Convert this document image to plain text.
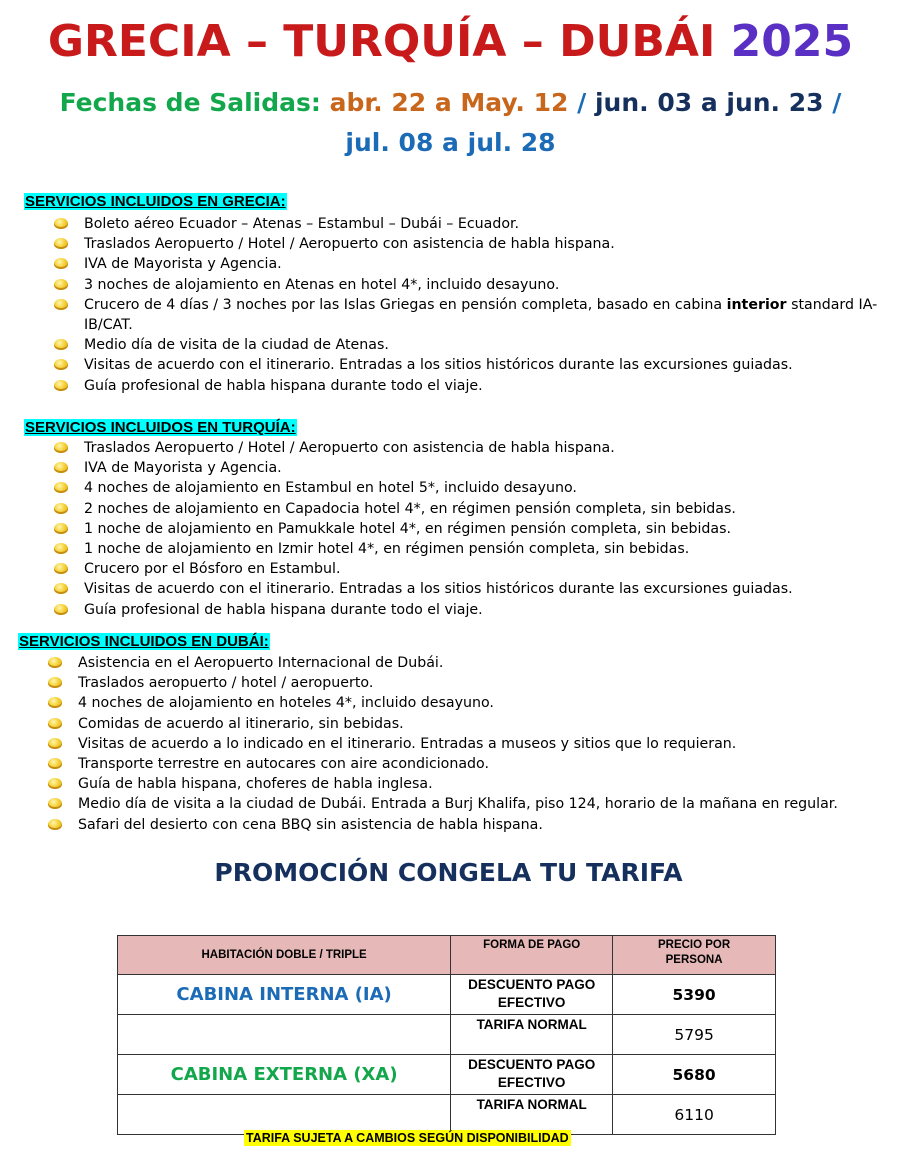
GRECIA – TURQUÍA – DUBÁI 2025
Fechas de Salidas: abr. 22 a May. 12 / jun. 03 a jun. 23 /
jul. 08 a jul. 28
SERVICIOS INCLUIDOS EN GRECIA:
Boleto aéreo Ecuador – Atenas – Estambul – Dubái – Ecuador.
Traslados Aeropuerto / Hotel / Aeropuerto con asistencia de habla hispana.
IVA de Mayorista y Agencia.
3 noches de alojamiento en Atenas en hotel 4*, incluido desayuno.
Crucero de 4 días / 3 noches por las Islas Griegas en pensión completa, basado en cabina interior standard IA-IB/CAT.
Medio día de visita de la ciudad de Atenas.
Visitas de acuerdo con el itinerario. Entradas a los sitios históricos durante las excursiones guiadas.
Guía profesional de habla hispana durante todo el viaje.
SERVICIOS INCLUIDOS EN TURQUÍA:
Traslados Aeropuerto / Hotel / Aeropuerto con asistencia de habla hispana.
IVA de Mayorista y Agencia.
4 noches de alojamiento en Estambul en hotel 5*, incluido desayuno.
2 noches de alojamiento en Capadocia hotel 4*, en régimen pensión completa, sin bebidas.
1 noche de alojamiento en Pamukkale hotel 4*, en régimen pensión completa, sin bebidas.
1 noche de alojamiento en Izmir hotel 4*, en régimen pensión completa, sin bebidas.
Crucero por el Bósforo en Estambul.
Visitas de acuerdo con el itinerario. Entradas a los sitios históricos durante las excursiones guiadas.
Guía profesional de habla hispana durante todo el viaje.
SERVICIOS INCLUIDOS EN DUBÁI:
Asistencia en el Aeropuerto Internacional de Dubái.
Traslados aeropuerto / hotel / aeropuerto.
4 noches de alojamiento en hoteles 4*, incluido desayuno.
Comidas de acuerdo al itinerario, sin bebidas.
Visitas de acuerdo a lo indicado en el itinerario. Entradas a museos y sitios que lo requieran.
Transporte terrestre en autocares con aire acondicionado.
Guía de habla hispana, choferes de habla inglesa.
Medio día de visita a la ciudad de Dubái. Entrada a Burj Khalifa, piso 124, horario de la mañana en regular.
Safari del desierto con cena BBQ sin asistencia de habla hispana.
PROMOCIÓN CONGELA TU TARIFA
HABITACIÓN DOBLE / TRIPLE	FORMA DE PAGO	PRECIO POR PERSONA
CABINA INTERNA (IA)	DESCUENTO PAGO EFECTIVO	5390
	TARIFA NORMAL	5795
CABINA EXTERNA (XA)	DESCUENTO PAGO EFECTIVO	5680
	TARIFA NORMAL	6110
TARIFA SUJETA A CAMBIOS SEGÚN DISPONIBILIDAD
